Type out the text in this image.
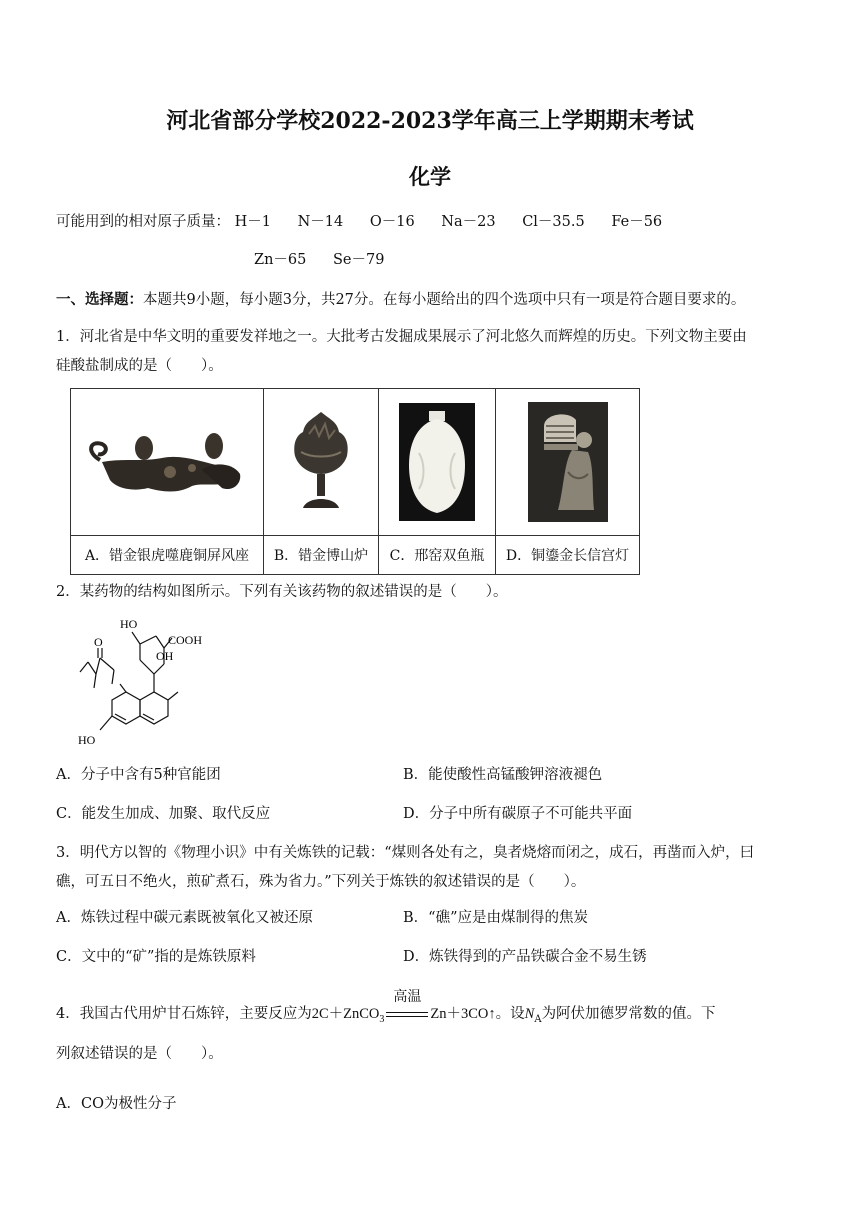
河北省部分学校2022-2023学年高三上学期期末考试
化学
可能用到的相对原子质量： H－1 N－14 O－16 Na－23 Cl－35.5 Fe－56
Zn－65 Se－79
一、选择题：本题共9小题，每小题3分，共27分。在每小题给出的四个选项中只有一项是符合题目要求的。
1．河北省是中华文明的重要发祥地之一。大批考古发掘成果展示了河北悠久而辉煌的历史。下列文物主要由
硅酸盐制成的是（　　）。

A．错金银虎噬鹿铜屏风座	B．错金博山炉	C．邢窑双鱼瓶	D．铜鎏金长信宫灯
2．某药物的结构如图所示。下列有关该药物的叙述错误的是（　　）。
HO
COOH
OH
O
HO
A．分子中含有5种官能团	B．能使酸性高锰酸钾溶液褪色
C．能发生加成、加聚、取代反应	D．分子中所有碳原子不可能共平面
3．明代方以智的《物理小识》中有关炼铁的记载：“煤则各处有之，臭者烧熔而闭之，成石，再凿而入炉，曰
礁，可五日不绝火，煎矿煮石，殊为省力。”下列关于炼铁的叙述错误的是（　　）。
A．炼铁过程中碳元素既被氧化又被还原	B．“礁”应是由煤制得的焦炭
C．文中的“矿”指的是炼铁原料	D．炼铁得到的产品铁碳合金不易生锈
4．我国古代用炉甘石炼锌，主要反应为2C＋ZnCO$_3$
高温
Zn＋3CO↑。设$N_A$为阿伏加德罗常数的值。下
列叙述错误的是（　　）。
A．CO为极性分子
